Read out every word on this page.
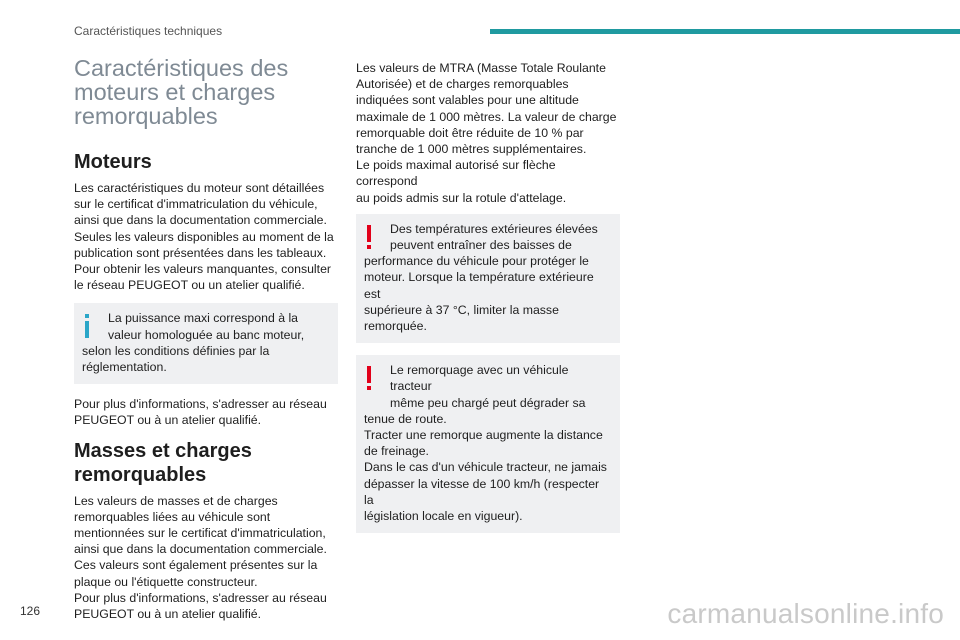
Caractéristiques techniques
Caractéristiques des
moteurs et charges
remorquables
Moteurs

Les caractéristiques du moteur sont détaillées
sur le certificat d'immatriculation du véhicule,
ainsi que dans la documentation commerciale.
Seules les valeurs disponibles au moment de la
publication sont présentées dans les tableaux.
Pour obtenir les valeurs manquantes, consulter
le réseau PEUGEOT ou un atelier qualifié.

La puissance maxi correspond à la
valeur homologuée au banc moteur,
selon les conditions définies par la
réglementation.

Pour plus d'informations, s'adresser au réseau
PEUGEOT ou à un atelier qualifié.

Masses et charges
remorquables

Les valeurs de masses et de charges
remorquables liées au véhicule sont
mentionnées sur le certificat d'immatriculation,
ainsi que dans la documentation commerciale.
Ces valeurs sont également présentes sur la
plaque ou l'étiquette constructeur.
Pour plus d'informations, s'adresser au réseau
PEUGEOT ou à un atelier qualifié.

Les valeurs de MTRA (Masse Totale Roulante
Autorisée) et de charges remorquables
indiquées sont valables pour une altitude
maximale de 1 000 mètres. La valeur de charge
remorquable doit être réduite de 10 % par
tranche de 1 000 mètres supplémentaires.
Le poids maximal autorisé sur flèche correspond
au poids admis sur la rotule d'attelage.

Des températures extérieures élevées
peuvent entraîner des baisses de
performance du véhicule pour protéger le
moteur. Lorsque la température extérieure est
supérieure à 37 °C, limiter la masse
remorquée.

Le remorquage avec un véhicule tracteur
même peu chargé peut dégrader sa
tenue de route.
Tracter une remorque augmente la distance
de freinage.
Dans le cas d'un véhicule tracteur, ne jamais
dépasser la vitesse de 100 km/h (respecter la
législation locale en vigueur).

126	carmanualsonline.info
